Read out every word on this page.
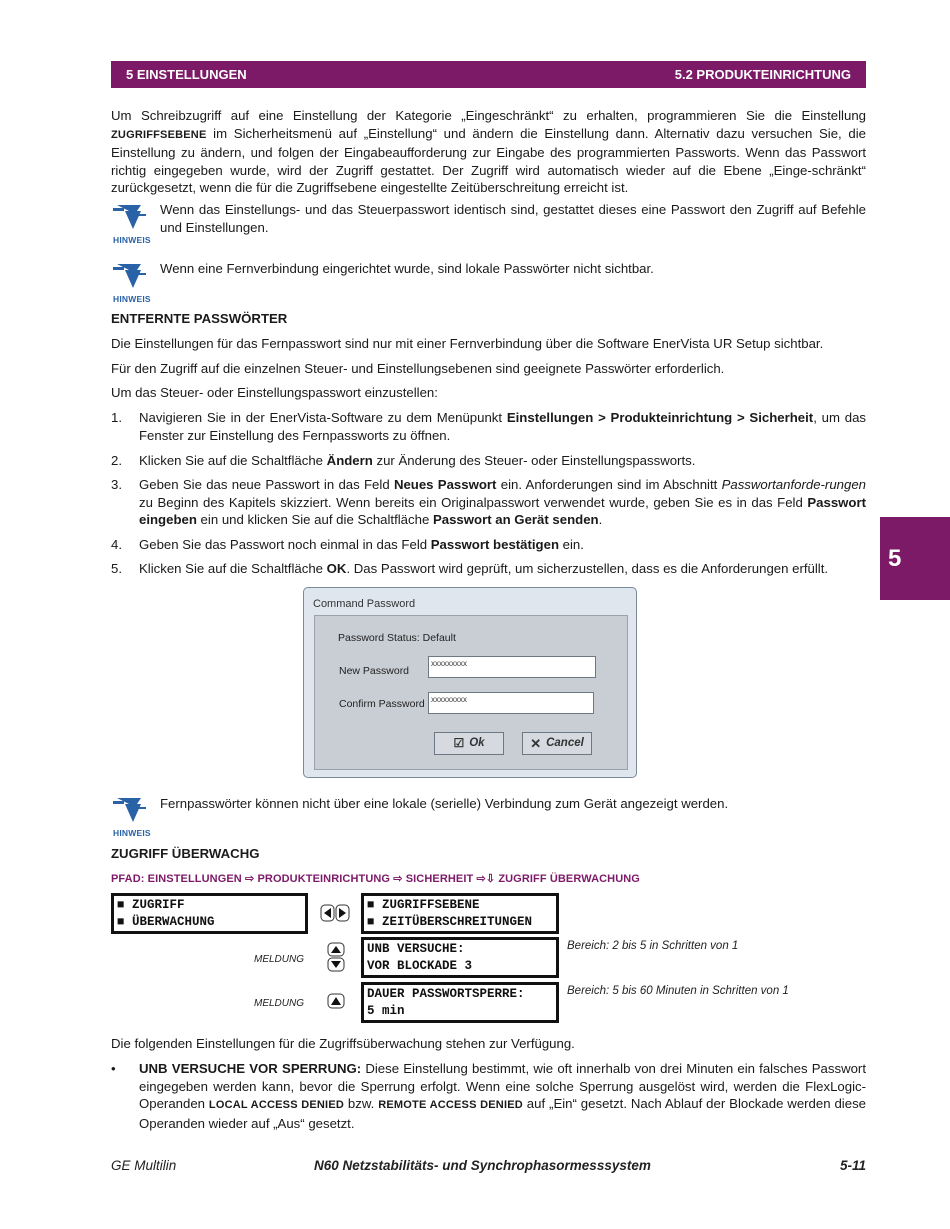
5 EINSTELLUNGEN	5.2 PRODUKTEINRICHTUNG
5
Um Schreibzugriff auf eine Einstellung der Kategorie „Eingeschränkt“ zu erhalten, programmieren Sie die Einstellung ZUGRIFFSEBENE im Sicherheitsmenü auf „Einstellung“ und ändern die Einstellung dann. Alternativ dazu versuchen Sie, die Einstellung zu ändern, und folgen der Eingabeaufforderung zur Eingabe des programmierten Passworts. Wenn das Passwort richtig eingegeben wurde, wird der Zugriff gestattet. Der Zugriff wird automatisch wieder auf die Ebene „Einge-schränkt“ zurückgesetzt, wenn die für die Zugriffsebene eingestellte Zeitüberschreitung erreicht ist.
HINWEIS
Wenn das Einstellungs- und das Steuerpasswort identisch sind, gestattet dieses eine Passwort den Zugriff auf Befehle und Einstellungen.
HINWEIS
Wenn eine Fernverbindung eingerichtet wurde, sind lokale Passwörter nicht sichtbar.
ENTFERNTE PASSWÖRTER
Die Einstellungen für das Fernpasswort sind nur mit einer Fernverbindung über die Software EnerVista UR Setup sichtbar.
Für den Zugriff auf die einzelnen Steuer- und Einstellungsebenen sind geeignete Passwörter erforderlich.
Um das Steuer- oder Einstellungspasswort einzustellen:
1. Navigieren Sie in der EnerVista-Software zu dem Menüpunkt Einstellungen > Produkteinrichtung > Sicherheit, um das Fenster zur Einstellung des Fernpassworts zu öffnen.
2. Klicken Sie auf die Schaltfläche Ändern zur Änderung des Steuer- oder Einstellungspassworts.
3. Geben Sie das neue Passwort in das Feld Neues Passwort ein. Anforderungen sind im Abschnitt Passwortanforde-rungen zu Beginn des Kapitels skizziert. Wenn bereits ein Originalpasswort verwendet wurde, geben Sie es in das Feld Passwort eingeben ein und klicken Sie auf die Schaltfläche Passwort an Gerät senden.
4. Geben Sie das Passwort noch einmal in das Feld Passwort bestätigen ein.
5. Klicken Sie auf die Schaltfläche OK. Das Passwort wird geprüft, um sicherzustellen, dass es die Anforderungen erfüllt.
Command Password
Password Status: Default
New Password
xxxxxxxxx
Confirm Password xxxxxxxxx
☑ Ok	✕ Cancel
HINWEIS
Fernpasswörter können nicht über eine lokale (serielle) Verbindung zum Gerät angezeigt werden.
ZUGRIFF ÜBERWACHG
PFAD: EINSTELLUNGEN ⇨ PRODUKTEINRICHTUNG ⇨ SICHERHEIT ⇨⇩ ZUGRIFF ÜBERWACHUNG
■ ZUGRIFF
■ ÜBERWACHUNG
■ ZUGRIFFSEBENE
■ ZEITÜBERSCHREITUNGEN
MELDUNG
UNB VERSUCHE:
VOR BLOCKADE 3
Bereich: 2 bis 5 in Schritten von 1
MELDUNG
DAUER PASSWORTSPERRE:
5 min
Bereich: 5 bis 60 Minuten in Schritten von 1
Die folgenden Einstellungen für die Zugriffsüberwachung stehen zur Verfügung.
• UNB VERSUCHE VOR SPERRUNG: Diese Einstellung bestimmt, wie oft innerhalb von drei Minuten ein falsches Passwort eingegeben werden kann, bevor die Sperrung erfolgt. Wenn eine solche Sperrung ausgelöst wird, werden die FlexLogic-Operanden LOCAL ACCESS DENIED bzw. REMOTE ACCESS DENIED auf „Ein“ gesetzt. Nach Ablauf der Blockade werden diese Operanden wieder auf „Aus“ gesetzt.
GE Multilin	N60 Netzstabilitäts- und Synchrophasormesssystem	5-11
